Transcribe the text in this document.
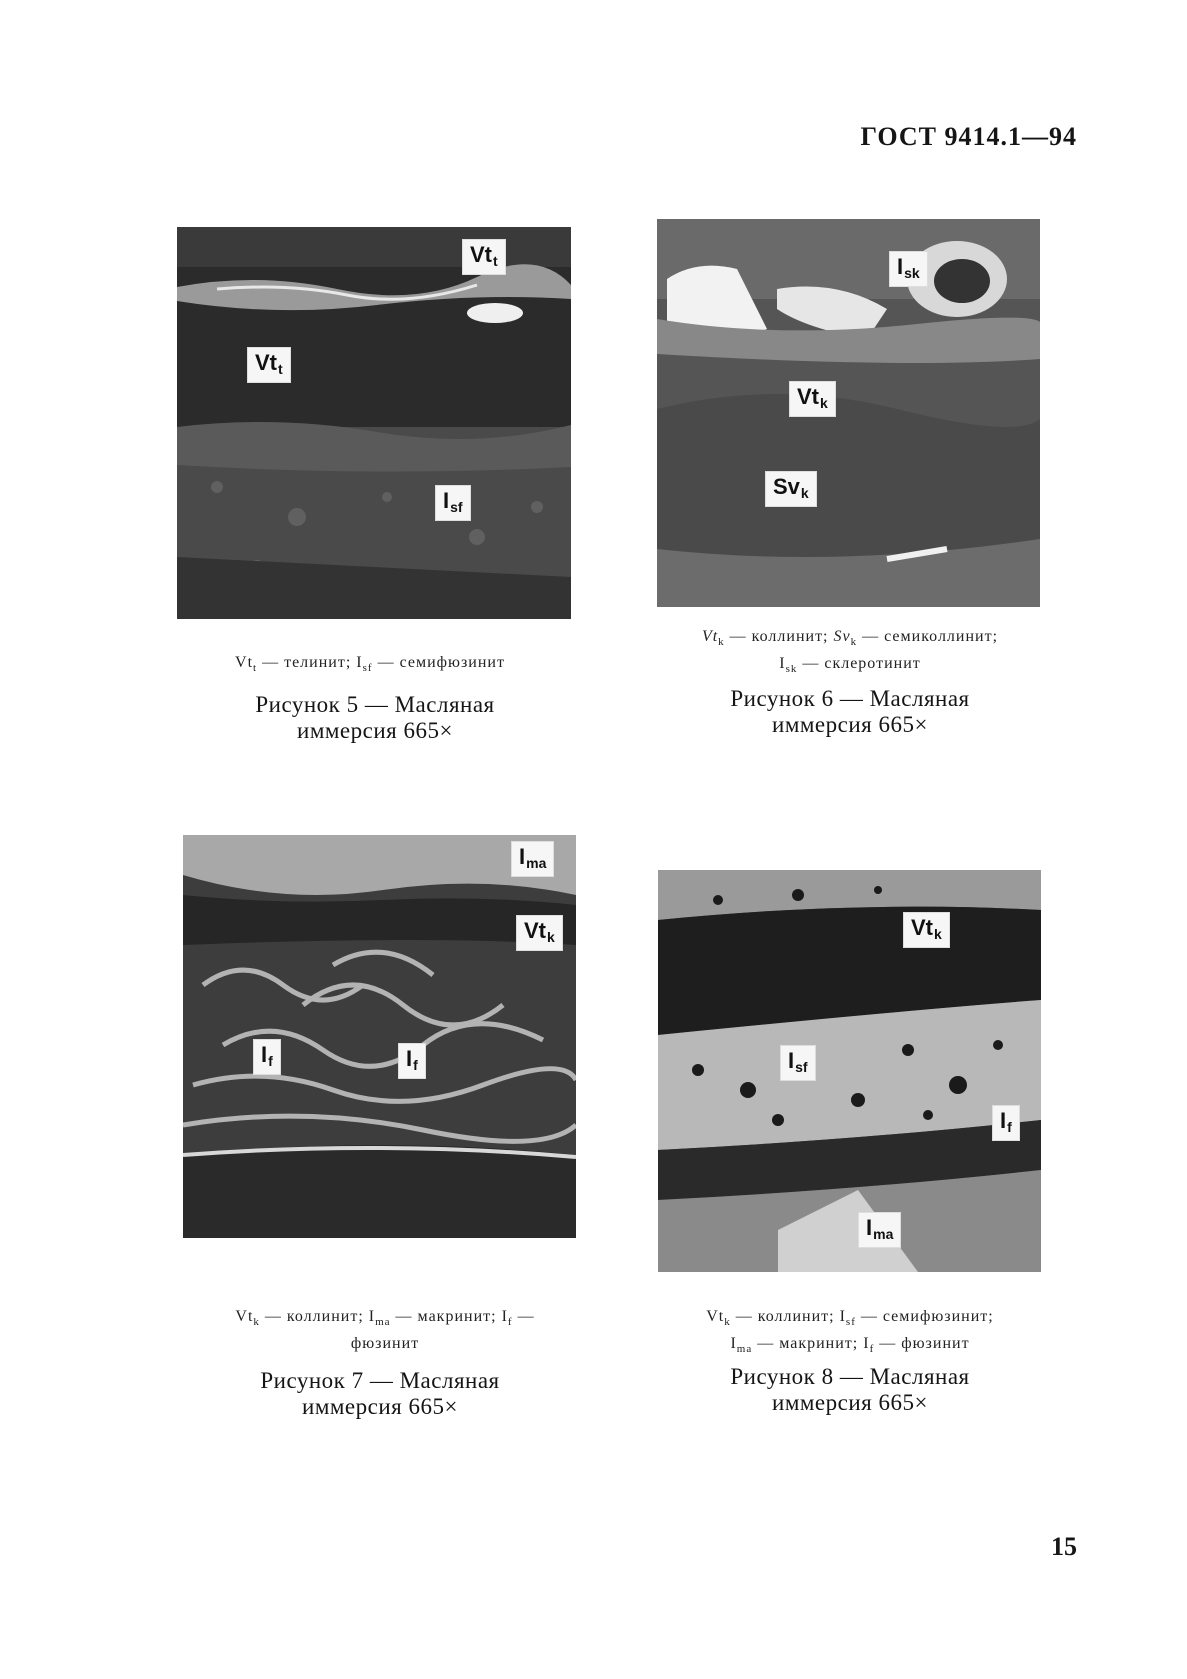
ГОСТ 9414.1—94
$Vt_t$
$Vt_t$
$I_{sf}$
$Vt_t$ — телинит; $I_{sf}$ — семифюзинит
Рисунок 5 — Масляная
иммерсия 665×
$I_{sk}$
$Vt_k$
$Sv_k$
$Vt_k$ — коллинит; $Sv_k$ — семиколлинит;
$I_{sk}$ — склеротинит
Рисунок 6 — Масляная
иммерсия 665×
$I_{ma}$
$Vt_k$
$I_f$	$I_f$
$Vt_k$ — коллинит; $I_{ma}$ — макринит; $I_f$ —
фюзинит
Рисунок 7 — Масляная
иммерсия 665×
$Vt_k$
$I_{sf}$
$I_f$
$I_{ma}$
$Vt_k$ — коллинит; $I_{sf}$ — семифюзинит;
$I_{ma}$ — макринит; $I_f$ — фюзинит
Рисунок 8 — Масляная
иммерсия 665×
15
